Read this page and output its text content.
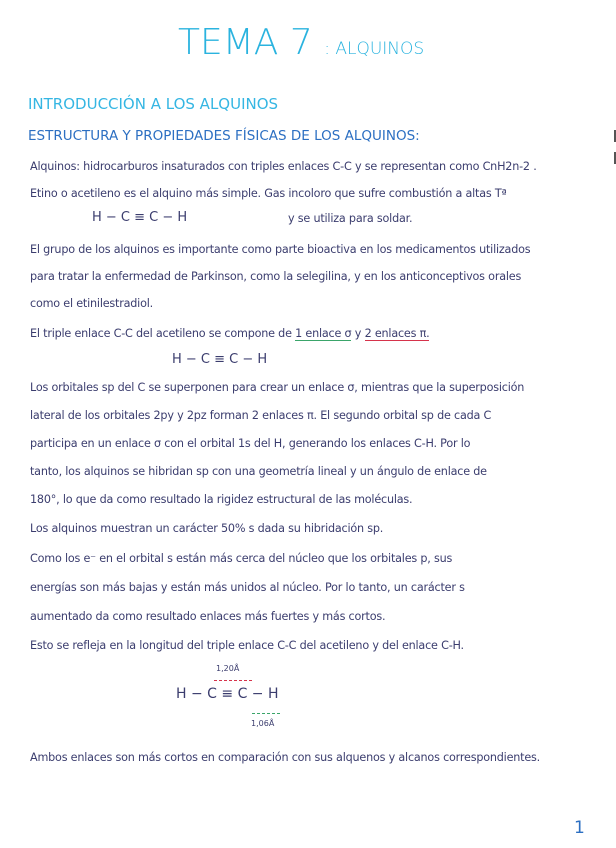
TEMA 7 : ALQUINOS
INTRODUCCIÓN A LOS ALQUINOS
ESTRUCTURA Y PROPIEDADES FÍSICAS DE LOS ALQUINOS:
Alquinos: hidrocarburos insaturados con triples enlaces C-C y se representan como CnH2n-2 .
Etino o acetileno es el alquino más simple. Gas incoloro que sufre combustión a altas Tª
H − C ≡ C − H	y se utiliza para soldar.
El grupo de los alquinos es importante como parte bioactiva en los medicamentos utilizados
para tratar la enfermedad de Parkinson, como la selegilina, y en los anticonceptivos orales
como el etinilestradiol.
El triple enlace C-C del acetileno se compone de 1 enlace σ y 2 enlaces π.
H − C ≡ C − H
Los orbitales sp del C se superponen para crear un enlace σ, mientras que la superposición
lateral de los orbitales 2py y 2pz forman 2 enlaces π. El segundo orbital sp de cada C
participa en un enlace σ con el orbital 1s del H, generando los enlaces C-H. Por lo
tanto, los alquinos se hibridan sp con una geometría lineal y un ángulo de enlace de
180°, lo que da como resultado la rigidez estructural de las moléculas.
Los alquinos muestran un carácter 50% s dada su hibridación sp.
Como los e⁻ en el orbital s están más cerca del núcleo que los orbitales p, sus
energías son más bajas y están más unidos al núcleo. Por lo tanto, un carácter s
aumentado da como resultado enlaces más fuertes y más cortos.
Esto se refleja en la longitud del triple enlace C-C del acetileno y del enlace C-H.
1,20Å
H − C ≡ C − H
1,06Å
Ambos enlaces son más cortos en comparación con sus alquenos y alcanos correspondientes.
1
